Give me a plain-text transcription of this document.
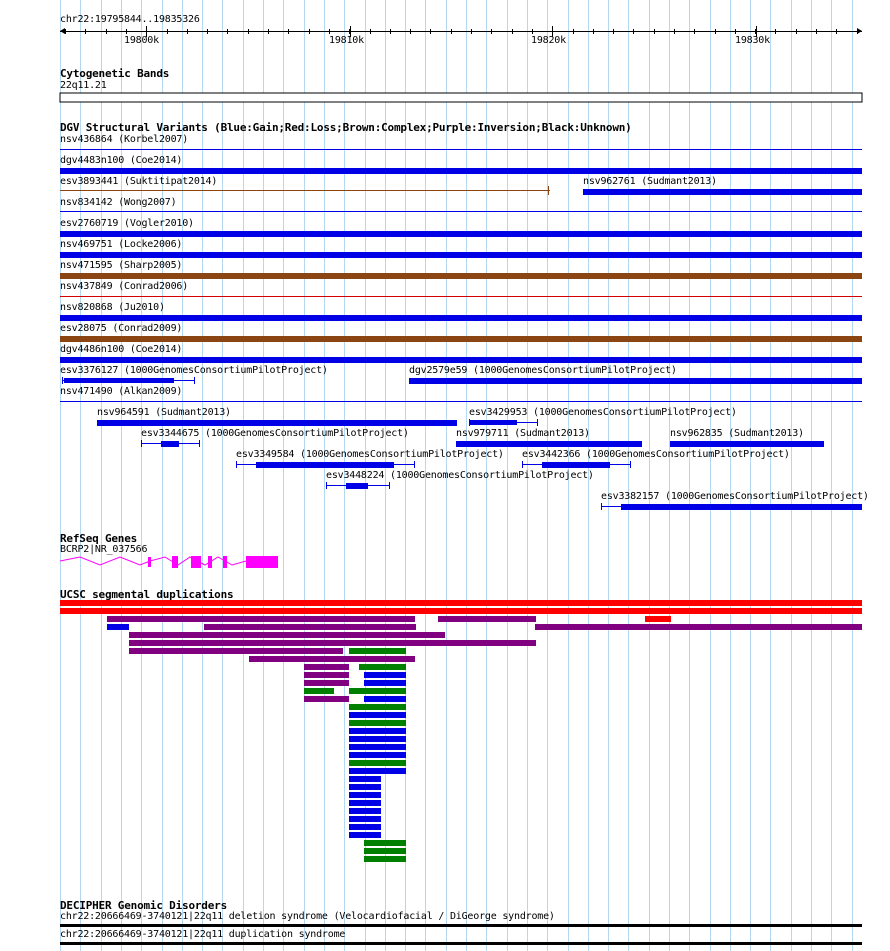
chr22:19795844..19835326
19800k	19810k	19820k	19830k
Cytogenetic Bands
22q11.21
DGV Structural Variants (Blue:Gain;Red:Loss;Brown:Complex;Purple:Inversion;Black:Unknown)
nsv436864 (Korbel2007)
dgv4483n100 (Coe2014)
esv3893441 (Suktitipat2014)	nsv962761 (Sudmant2013)
nsv834142 (Wong2007)
esv2760719 (Vogler2010)
nsv469751 (Locke2006)
nsv471595 (Sharp2005)
nsv437849 (Conrad2006)
nsv820868 (Ju2010)
esv28075 (Conrad2009)
dgv4486n100 (Coe2014)
esv3376127 (1000GenomesConsortiumPilotProject)	dgv2579e59 (1000GenomesConsortiumPilotProject)
nsv471490 (Alkan2009)
nsv964591 (Sudmant2013)	esv3429953 (1000GenomesConsortiumPilotProject)
esv3344675 (1000GenomesConsortiumPilotProject)	nsv979711 (Sudmant2013)	nsv962835 (Sudmant2013)
esv3349584 (1000GenomesConsortiumPilotProject) esv3442366 (1000GenomesConsortiumPilotProject)
esv3448224 (1000GenomesConsortiumPilotProject)
esv3382157 (1000GenomesConsortiumPilotProject)
RefSeq Genes
BCRP2|NR_037566
UCSC segmental duplications
DECIPHER Genomic Disorders
chr22:20666469-3740121|22q11 deletion syndrome (Velocardiofacial / DiGeorge syndrome)
chr22:20666469-3740121|22q11 duplication syndrome
